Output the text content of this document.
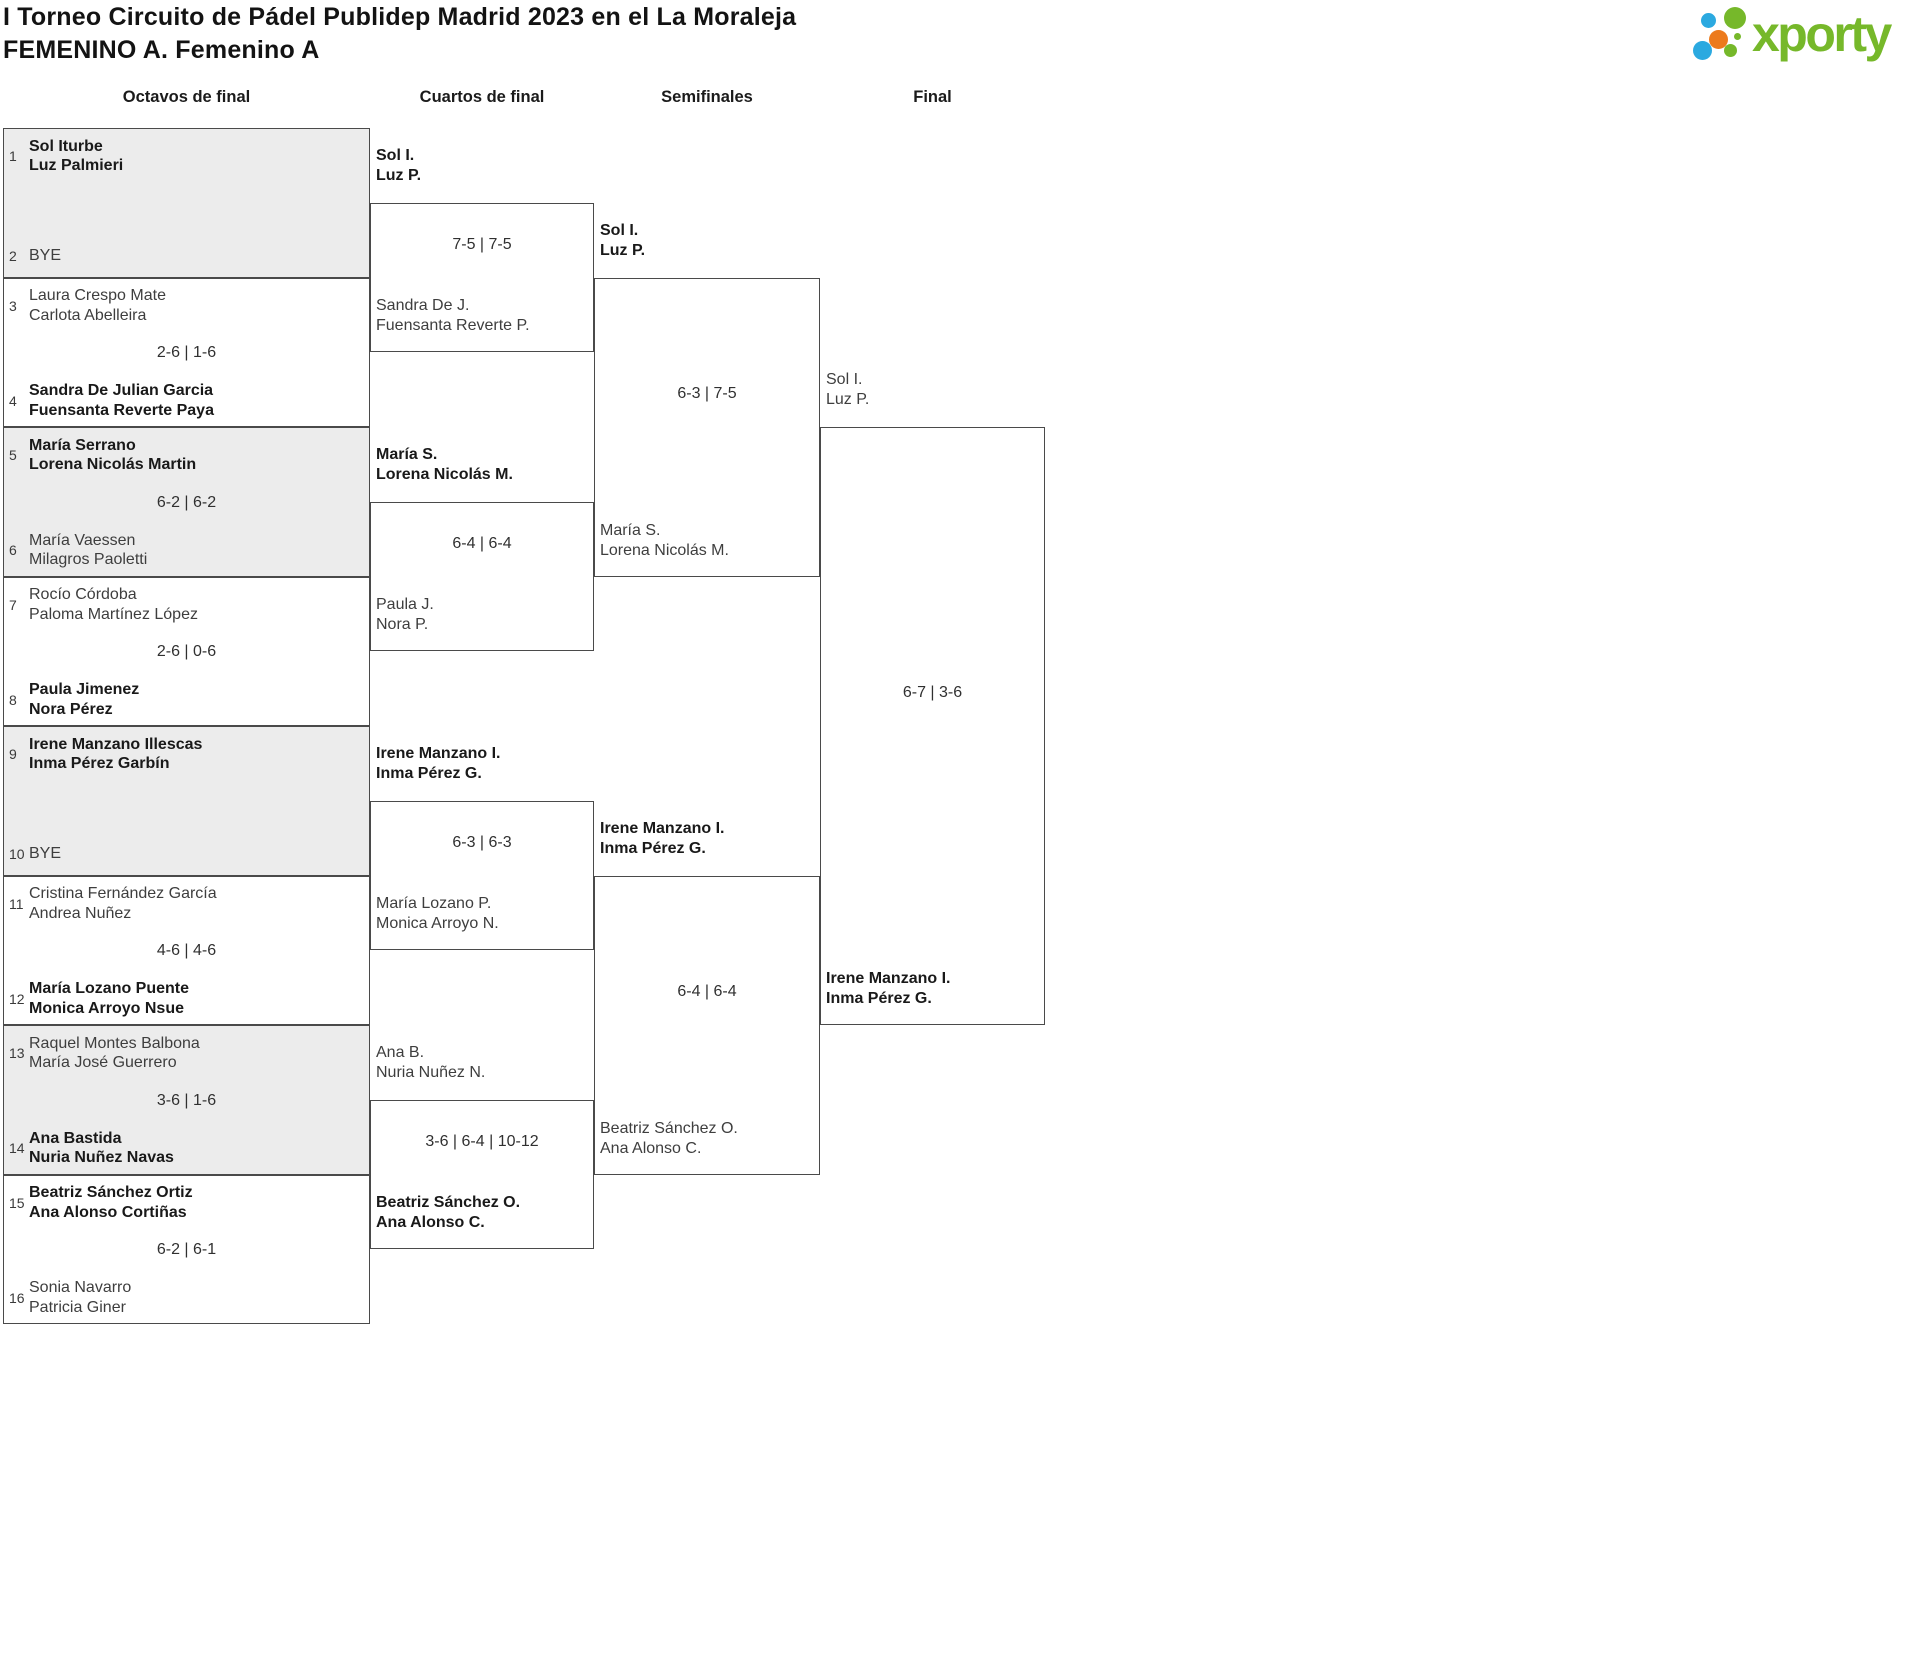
I Torneo Circuito de Pádel Publidep Madrid 2023 en el La Moraleja
FEMENINO A. Femenino A	xporty
Octavos de final	Cuartos de final	Semifinales	Final
1
Sol Iturbe
Luz Palmieri
2 BYE
3
Laura Crespo Mate
Carlota Abelleira
2-6 | 1-6
4
Sandra De Julian Garcia
Fuensanta Reverte Paya
5
María Serrano
Lorena Nicolás Martin
6-2 | 6-2
6
María Vaessen
Milagros Paoletti
7
Rocío Córdoba
Paloma Martínez López
2-6 | 0-6
8
Paula Jimenez
Nora Pérez
9
Irene Manzano Illescas
Inma Pérez Garbín
10 BYE
11
Cristina Fernández García
Andrea Nuñez
4-6 | 4-6
12
María Lozano Puente
Monica Arroyo Nsue
13
Raquel Montes Balbona
María José Guerrero
3-6 | 1-6
14
Ana Bastida
Nuria Nuñez Navas
15
Beatriz Sánchez Ortiz
Ana Alonso Cortiñas
6-2 | 6-1
16
Sonia Navarro
Patricia Giner
7-5 | 7-5
Sol I.
Luz P.
Sandra De J.
Fuensanta Reverte P.
6-4 | 6-4
María S.
Lorena Nicolás M.
Paula J.
Nora P.
6-3 | 6-3
Irene Manzano I.
Inma Pérez G.
María Lozano P.
Monica Arroyo N.
3-6 | 6-4 | 10-12
Ana B.
Nuria Nuñez N.
Beatriz Sánchez O.
Ana Alonso C.
6-3 | 7-5
Sol I.
Luz P.
María S.
Lorena Nicolás M.
6-4 | 6-4
Irene Manzano I.
Inma Pérez G.
Beatriz Sánchez O.
Ana Alonso C.
6-7 | 3-6
Sol I.
Luz P.
Irene Manzano I.
Inma Pérez G.
